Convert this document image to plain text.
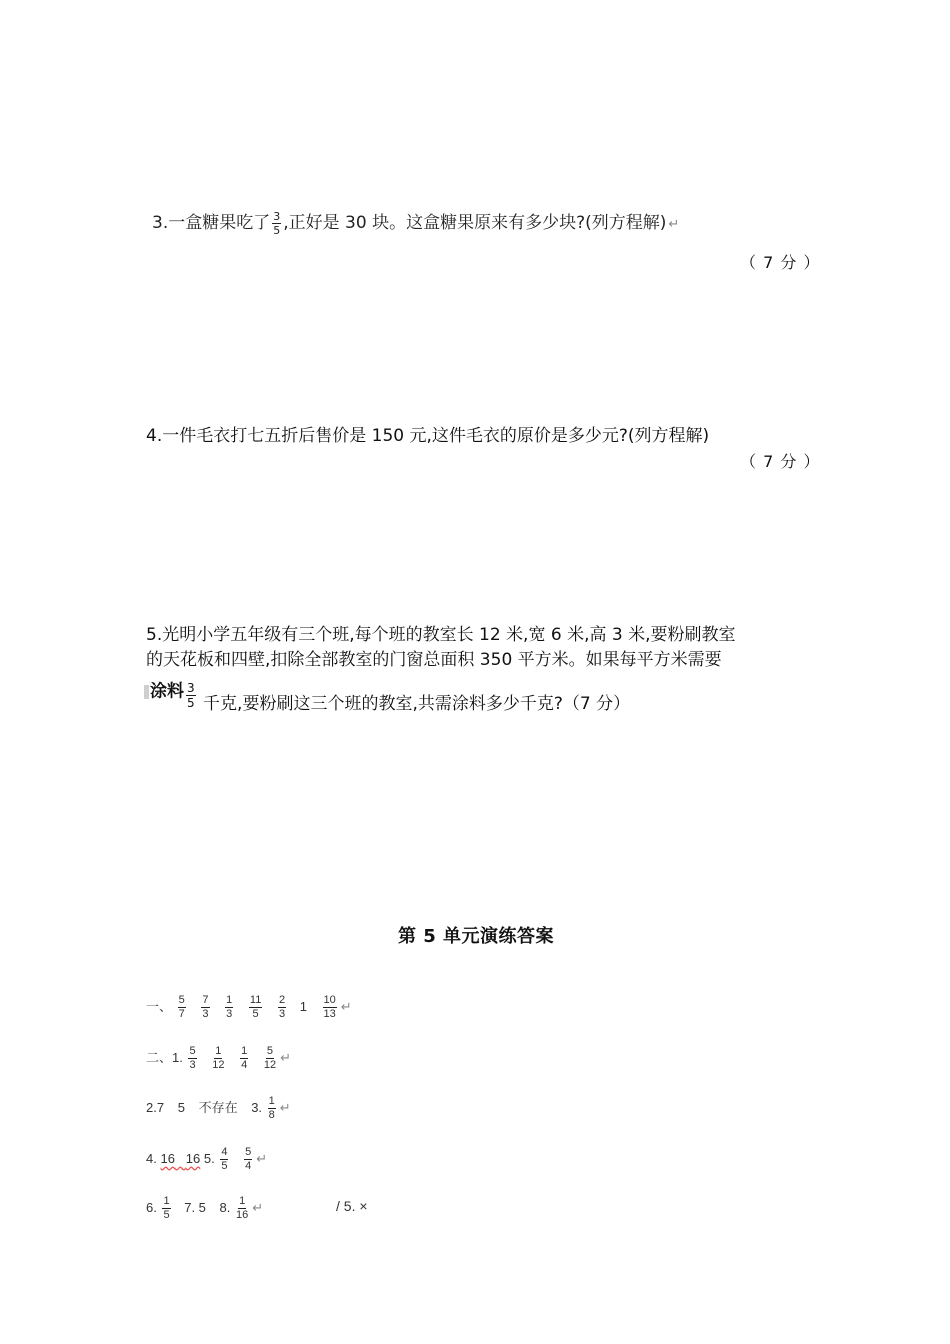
3.一盒糖果吃了 $\frac{3}{5}$ ,正好是 30 块。这盒糖果原来有多少块?(列方程解) ↵
（ 7 分 ）
4.一件毛衣打七五折后售价是 150 元,这件毛衣的原价是多少元?(列方程解)
（ 7 分 ）
5.光明小学五年级有三个班,每个班的教室长 12 米,宽 6 米,高 3 米,要粉刷教室
的天花板和四壁,扣除全部教室的门窗总面积 350 平方米。如果每平方米需要
涂料 $\frac{3}{5}$ 千克,要粉刷这三个班的教室,共需涂料多少千克?（7 分）
第 5 单元演练答案
一、 $\frac{5}{7}$
$\frac{7}{3}$
$\frac{1}{3}$
$\frac{11}{5}$
$\frac{2}{3} 1 \frac{10}{13}$ ↵
二、1. $\frac{5}{3}$
$\frac{1}{12}$
$\frac{1}{4}$
$\frac{5}{12}$ ↵
2.7 5 不存在 3. $\frac{1}{8}$ ↵
4. 16 16 5. $\frac{4}{5}$
$\frac{5}{4}$ ↵
6. $\frac{1}{5} 7$. 5 8. $\frac{1}{16}$ ↵	/ 5. ×
